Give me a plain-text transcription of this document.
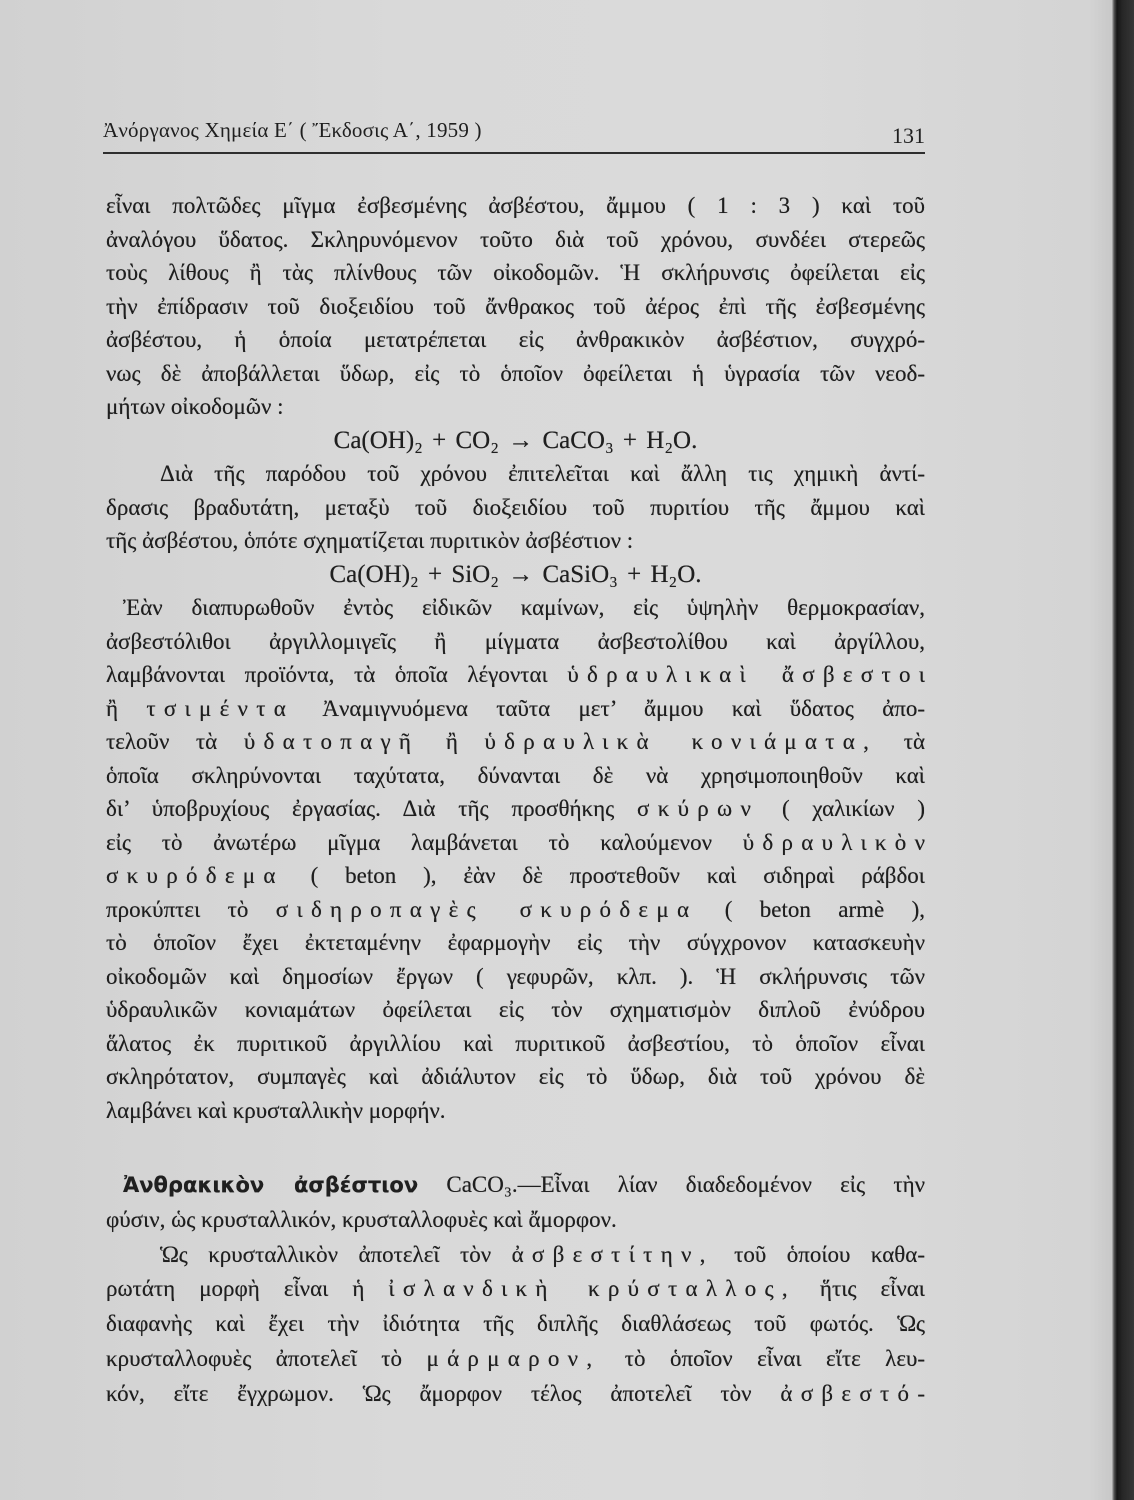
Ἀνόργανος Χημεία Ε΄ ( Ἔκδοσις Α΄, 1959 )	131
εἶναι πολτῶδες μῖγμα ἐσβεσμένης ἀσβέστου, ἄμμου ( 1 : 3 ) καὶ τοῦ
ἀναλόγου ὕδατος. Σκληρυνόμενον τοῦτο διὰ τοῦ χρόνου, συνδέει στερεῶς
τοὺς λίθους ἢ τὰς πλίνθους τῶν οἰκοδομῶν. Ἡ σκλήρυνσις ὀφείλεται εἰς
τὴν ἐπίδρασιν τοῦ διοξειδίου τοῦ ἄνθρακος τοῦ ἀέρος ἐπὶ τῆς ἐσβεσμένης
ἀσβέστου, ἡ ὁποία μετατρέπεται εἰς ἀνθρακικὸν ἀσβέστιον, συγχρό-
νως δὲ ἀποβάλλεται ὕδωρ, εἰς τὸ ὁποῖον ὀφείλεται ἡ ὑγρασία τῶν νεοδ-
μήτων οἰκοδομῶν :
Ca(OH)₂ + CO₂ → CaCO₃ + H₂O.
Διὰ τῆς παρόδου τοῦ χρόνου ἐπιτελεῖται καὶ ἄλλη τις χημικὴ ἀντί-
δρασις βραδυτάτη, μεταξὺ τοῦ διοξειδίου τοῦ πυριτίου τῆς ἄμμου καὶ
τῆς ἀσβέστου, ὁπότε σχηματίζεται πυριτικὸν ἀσβέστιον :
Ca(OH)₂ + SiO₂ → CaSiO₃ + H₂O.
Ἐὰν διαπυρωθοῦν ἐντὸς εἰδικῶν καμίνων, εἰς ὑψηλὴν θερμοκρασίαν,
ἀσβεστόλιθοι ἀργιλλομιγεῖς ἢ μίγματα ἀσβεστολίθου καὶ ἀργίλλου,
λαμβάνονται προϊόντα, τὰ ὁποῖα λέγονται ὑδραυλικαὶ ἄσβεστοι
ἢ τσιμέντα Ἀναμιγνυόμενα ταῦτα μετ’ ἄμμου καὶ ὕδατος ἀπο-
τελοῦν τὰ ὑδατοπαγῆ ἢ ὑδραυλικὰ κονιάματα, τὰ
ὁποῖα σκληρύνονται ταχύτατα, δύνανται δὲ νὰ χρησιμοποιηθοῦν καὶ
δι’ ὑποβρυχίους ἐργασίας. Διὰ τῆς προσθήκης σκύρων ( χαλικίων )
εἰς τὸ ἀνωτέρω μῖγμα λαμβάνεται τὸ καλούμενον ὑδραυλικὸν
σκυρόδεμα ( beton ), ἐὰν δὲ προστεθοῦν καὶ σιδηραὶ ράβδοι
προκύπτει τὸ σιδηροπαγὲς σκυρόδεμα ( beton armè ),
τὸ ὁποῖον ἔχει ἐκτεταμένην ἐφαρμογὴν εἰς τὴν σύγχρονον κατασκευὴν
οἰκοδομῶν καὶ δημοσίων ἔργων ( γεφυρῶν, κλπ. ). Ἡ σκλήρυνσις τῶν
ὑδραυλικῶν κονιαμάτων ὀφείλεται εἰς τὸν σχηματισμὸν διπλοῦ ἐνύδρου
ἅλατος ἐκ πυριτικοῦ ἀργιλλίου καὶ πυριτικοῦ ἀσβεστίου, τὸ ὁποῖον εἶναι
σκληρότατον, συμπαγὲς καὶ ἀδιάλυτον εἰς τὸ ὕδωρ, διὰ τοῦ χρόνου δὲ
λαμβάνει καὶ κρυσταλλικὴν μορφήν.
Ἀνθρακικὸν ἀσβέστιον CaCO₃.—Εἶναι λίαν διαδεδομένον εἰς τὴν
φύσιν, ὡς κρυσταλλικόν, κρυσταλλοφυὲς καὶ ἄμορφον.
Ὡς κρυσταλλικὸν ἀποτελεῖ τὸν ἀσβεστίτην, τοῦ ὁποίου καθα-
ρωτάτη μορφὴ εἶναι ἡ ἰσλανδικὴ κρύσταλλος, ἥτις εἶναι
διαφανὴς καὶ ἔχει τὴν ἰδιότητα τῆς διπλῆς διαθλάσεως τοῦ φωτός. Ὡς
κρυσταλλοφυὲς ἀποτελεῖ τὸ μάρμαρον, τὸ ὁποῖον εἶναι εἴτε λευ-
κόν, εἴτε ἔγχρωμον. Ὡς ἄμορφον τέλος ἀποτελεῖ τὸν ἀσβεστό-
